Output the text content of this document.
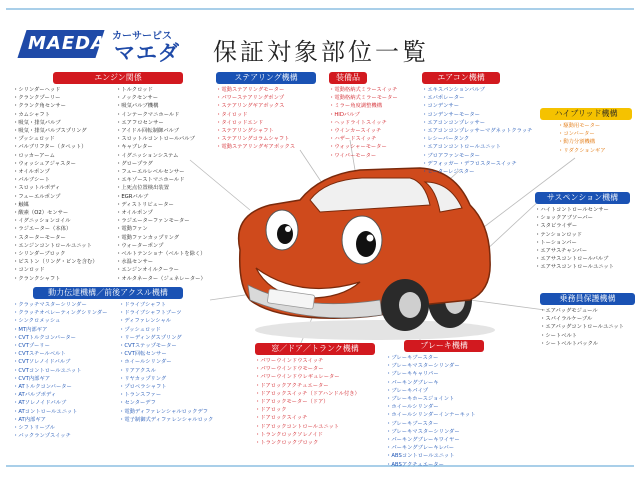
MAEDA カーサービス
マエダ 保証対象部位一覧
エンジン関係
・ シリンダーヘッド
・ クランクプーリー
・ クランク角センサー
・ カムシャフト
・ 吸気・排気バルブ
・ 吸気・排気バルブスプリング
・ プッシュロッド
・ バルブリフター（タペット）
・ ロッカーアーム
・ ウォッシュアジャスター
・ オイルポンプ
・ バルブシート
・ スロットルボディ
・ フューエルポンプ
・ 触媒
・ 酸素（O2）センサー
・ イグニッションコイル
・ ラジエーター（本体）
・ スターターモーター
・ エンジンコントロールユニット
・ シリンダーブロック
・ ピストン（リング・ピンを含む）
・ コンロッド
・ クランクシャフト
・ トルクロッド
・ ノックセンサー
・ 吸気バルブ機構
・ インテークマニホールド
・ エアフロセンサー
・ アイドル回転制御バルブ
・ スロットルコントロールバルブ
・ キャブレター
・ イグニッションシステム
・ グロープラグ
・ フューエルレベルセンサー
・ エキゾーストマニホールド
・ 上死点位置検出装置
・ EGRバルブ
・ ディストリビューター
・ オイルポンプ
・ ラジエーターファンモーター
・ 電動ファン
・ 電動ファンカップリング
・ ウォーターポンプ
・ ベルトテンショナ（ベルトを除く）
・ 水温センサー
・ エンジンオイルクーラー
・ オルタネーター（ジェネレーター）
ステアリング機構
・ 電動ステアリングモーター
・ パワーステアリングポンプ
・ ステアリングギアボックス
・ タイロッド
・ タイロッドエンド
・ ステアリングシャフト
・ ステアリングコラムシャフト
・ 電動ステアリングギアボックス
装備品
・ 電動格納式ミラースイッチ
・ 電動格納式ミラーモーター
・ ミラー角度調整機構
・ HIDバルブ
・ ヘッドライトスイッチ
・ ウインカースイッチ
・ ハザードスイッチ
・ ウォッシャーモーター
・ ワイパーモーター
エアコン機構
・ エキスパンションバルブ
・ エバポレーター
・ コンデンサー
・ コンデンサーモーター
・ エアコンコンプレッサー
・ エアコンコンプレッサーマグネットクラッチ
・ レシーバータンク
・ エアコンコントロールユニット
・ ブロアファンモーター
・ デフォッガー・デフロスタースイッチ
・ ヒーターレジスター
ハイブリッド機構
・ 駆動用モーター
・ コンバーター
・ 動力分割機構
・ リダクションギア
サスペンション機構
・ ハイトコントロールセンサー
・ ショックアブソーバー
・ スタビライザー
・ テンションロッド
・ トーションバー
・ エアサスチャンバー
・ エアサスコントロールバルブ
・ エアサスコントロールユニット
乗務員保護機構
・ エアバッグモジュール
・ スパイラルケーブル
・ エアバッグコントロールユニット
・ シートベルト
・ シートベルトバックル
動力伝達機構／前後アクスル機構
・ クラッチマスターシリンダー
・ クラッチオペレーティングシリンダー
・ シンクロメッシュ
・ MT内部ギア
・ CVTトルクコンバーター
・ CVTプーリー
・ CVTスチールベルト
・ CVTソレノイドバルブ
・ CVTコントロールユニット
・ CVT内部ギア
・ ATトルクコンバーター
・ ATバルブボディ
・ ATソレノイドバルブ
・ ATコントロールユニット
・ AT内部ギア
・ シフトリーブル
・ バックランプスイッチ
・ ドライブシャフト
・ ドライブシャフトブーツ
・ ディファレンシャル
・ プッシュロッド
・ リーディングスプリング
・ CVTステップモーター
・ CVT回転センサー
・ ホイールシリンダー
・ リアアクスル
・ リヤカップリング
・ プロペラシャフト
・ トランスファー
・ センターデフ
・ 電動ディファレンシャルロックデフ
・ 電子制御式ディファレンシャルロック
窓／ドア／トランク機構
・ パワーウインドウスイッチ
・ パワーウインドウモーター
・ パワーウインドウレギュレーター
・ ドアロックアクチュエーター
・ ドアロックスイッチ（ドアハンドル付き）
・ ドアロックモーター（ドア）
・ ドアロック
・ ドアロックスイッチ
・ ドアロックコントロールユニット
・ トランクロックソレノイド
・ トランクロックブロック
ブレーキ機構
・ ブレーキブースター
・ ブレーキマスターシリンダー
・ ブレーキキャリパー
・ パーキングブレーキ
・ ブレーキパイプ
・ ブレーキホースジョイント
・ ホイールシリンダー
・ ホイールシリンダーインナーキット
・ ブレーキブースター
・ ブレーキマスターシリンダー
・ パーキングブレーキワイヤー
・ パーキングブレーキレバー
・ ABSコントロールユニット
・ ABSアクチュエーター
